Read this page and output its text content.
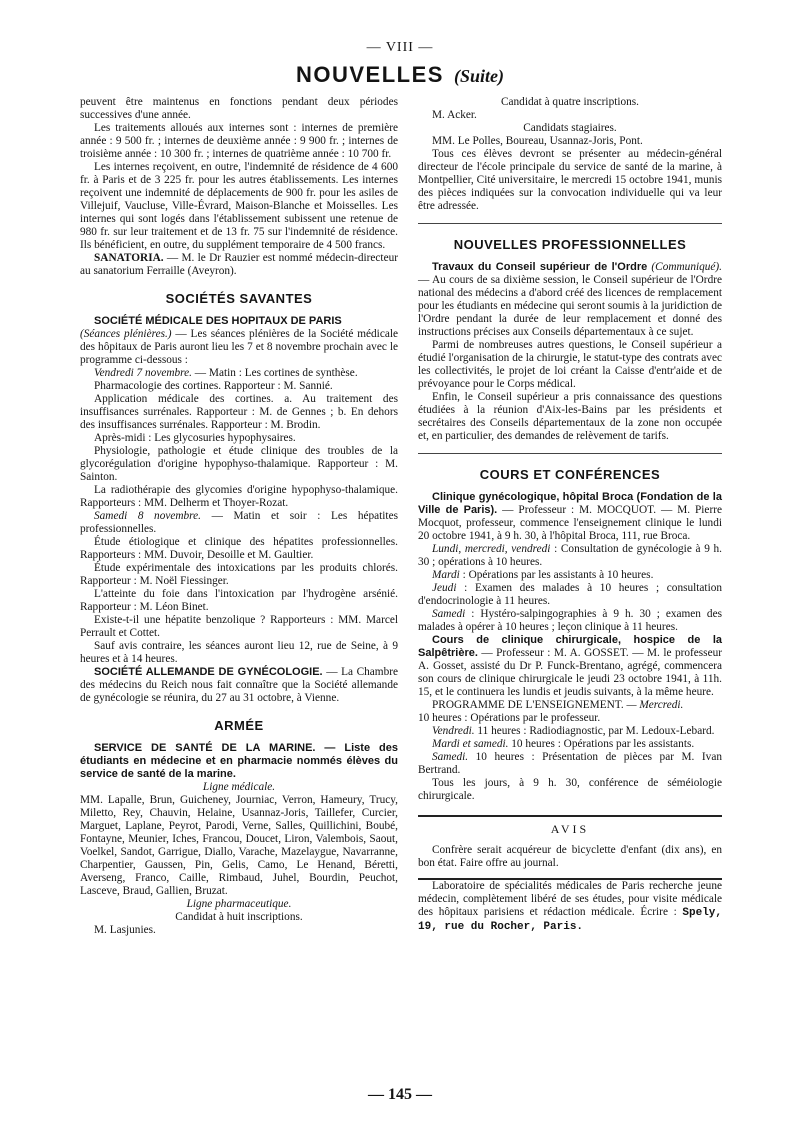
— VIII —
NOUVELLES (Suite)

peuvent être maintenus en fonctions pendant deux périodes successives d'une année.

Les traitements alloués aux internes sont : internes de première année : 9 500 fr. ; internes de deuxième année : 9 900 fr. ; internes de troisième année : 10 300 fr. ; internes de quatrième année : 10 700 fr.

Les internes reçoivent, en outre, l'indemnité de résidence de 4 600 fr. à Paris et de 3 225 fr. pour les autres établissements. Les internes reçoivent une indemnité de déplacements de 900 fr. pour les asiles de Villejuif, Vaucluse, Ville-Évrard, Maison-Blanche et Moisselles. Les internes qui sont logés dans l'établissement subissent une retenue de 980 fr. sur leur traitement et de 13 fr. 75 sur l'indemnité de résidence. Ils bénéficient, en outre, du supplément temporaire de 4 500 francs.

SANATORIA. — M. le Dr Rauzier est nommé médecin-directeur au sanatorium Ferraille (Aveyron).

SOCIÉTÉS SAVANTES

SOCIÉTÉ MÉDICALE DES HOPITAUX DE PARIS

(Séances plénières.) — Les séances plénières de la Société médicale des hôpitaux de Paris auront lieu les 7 et 8 novembre prochain avec le programme ci-dessous :

Vendredi 7 novembre. — Matin : Les cortines de synthèse.

Pharmacologie des cortines. Rapporteur : M. Sannié.

Application médicale des cortines. a. Au traitement des insuffisances surrénales. Rapporteur : M. de Gennes ; b. En dehors des insuffisances surrénales. Rapporteur : M. Brodin.

Après-midi : Les glycosuries hypophysaires.

Physiologie, pathologie et étude clinique des troubles de la glycorégulation d'origine hypophyso-thalamique. Rapporteur : M. Sainton.

La radiothérapie des glycomies d'origine hypophyso-thalamique. Rapporteurs : MM. Delherm et Thoyer-Rozat.

Samedi 8 novembre. — Matin et soir : Les hépatites professionnelles.

Étude étiologique et clinique des hépatites professionnelles. Rapporteurs : MM. Duvoir, Desoille et M. Gaultier.

Étude expérimentale des intoxications par les produits chlorés. Rapporteur : M. Noël Fiessinger.

L'atteinte du foie dans l'intoxication par l'hydrogène arsénié. Rapporteur : M. Léon Binet.

Existe-t-il une hépatite benzolique ? Rapporteurs : MM. Marcel Perrault et Cottet.

Sauf avis contraire, les séances auront lieu 12, rue de Seine, à 9 heures et à 14 heures.

SOCIÉTÉ ALLEMANDE DE GYNÉCOLOGIE. — La Chambre des médecins du Reich nous fait connaître que la Société allemande de gynécologie se réunira, du 27 au 31 octobre, à Vienne.

ARMÉE

SERVICE DE SANTÉ DE LA MARINE. — Liste des étudiants en médecine et en pharmacie nommés élèves du service de santé de la marine.

Ligne médicale.

MM. Lapalle, Brun, Guicheney, Journiac, Verron, Hameury, Trucy, Miletto, Rey, Chauvin, Helaine, Usannaz-Joris, Taillefer, Curcier, Marguet, Laplane, Peyrot, Parodi, Verne, Salles, Quillichini, Boubé, Fontayne, Meunier, Iches, Francou, Doucet, Liron, Valembois, Saout, Voelkel, Sandot, Garrigue, Diallo, Varache, Mazelaygue, Navarranne, Charpentier, Gaussen, Pin, Gelis, Camo, Le Henand, Béretti, Averseng, Franco, Caille, Rimbaud, Juhel, Bourdin, Peuchot, Lasceve, Braud, Gallien, Bruzat.

Ligne pharmaceutique.

Candidat à huit inscriptions.

M. Lasjunies.

Candidat à quatre inscriptions.

M. Acker.

Candidats stagiaires.

MM. Le Polles, Boureau, Usannaz-Joris, Pont.

Tous ces élèves devront se présenter au médecin-général directeur de l'école principale du service de santé de la marine, à Montpellier, Cité universitaire, le mercredi 15 octobre 1941, munis des pièces indiquées sur la convocation individuelle qui va leur être adressée.

NOUVELLES PROFESSIONNELLES

Travaux du Conseil supérieur de l'Ordre (Communiqué). — Au cours de sa dixième session, le Conseil supérieur de l'Ordre national des médecins a d'abord créé des licences de remplacement pour les étudiants en médecine qui seront soumis à la juridiction de l'Ordre pendant la durée de leur remplacement et donné des instructions précises aux Conseils départementaux à ce sujet.

Parmi de nombreuses autres questions, le Conseil supérieur a étudié l'organisation de la chirurgie, le statut-type des contrats avec les collectivités, le projet de loi créant la Caisse d'entr'aide et de prévoyance pour le Corps médical.

Enfin, le Conseil supérieur a pris connaissance des questions étudiées à la réunion d'Aix-les-Bains par les présidents et secrétaires des Conseils départementaux de la zone non occupée et, en particulier, des demandes de relèvement de tarifs.

COURS ET CONFÉRENCES

Clinique gynécologique, hôpital Broca (Fondation de la Ville de Paris). — Professeur : M. MOCQUOT. — M. Pierre Mocquot, professeur, commence l'enseignement clinique le lundi 20 octobre 1941, à 9 h. 30, à l'hôpital Broca, 111, rue Broca.

Lundi, mercredi, vendredi : Consultation de gynécologie à 9 h. 30 ; opérations à 10 heures.

Mardi : Opérations par les assistants à 10 heures.

Jeudi : Examen des malades à 10 heures ; consultation d'endocrinologie à 11 heures.

Samedi : Hystéro-salpingographies à 9 h. 30 ; examen des malades à opérer à 10 heures ; leçon clinique à 11 heures.

Cours de clinique chirurgicale, hospice de la Salpêtrière. — Professeur : M. A. GOSSET. — M. le professeur A. Gosset, assisté du Dr P. Funck-Brentano, agrégé, commencera son cours de clinique chirurgicale le jeudi 23 octobre 1941, à 11h. 15, et le continuera les lundis et jeudis suivants, à la même heure.

PROGRAMME DE L'ENSEIGNEMENT. — Mercredi.

10 heures : Opérations par le professeur.

Vendredi. 11 heures : Radiodiagnostic, par M. Ledoux-Lebard.

Mardi et samedi. 10 heures : Opérations par les assistants.

Samedi. 10 heures : Présentation de pièces par M. Ivan Bertrand.

Tous les jours, à 9 h. 30, conférence de séméiologie chirurgicale.

AVIS

Confrère serait acquéreur de bicyclette d'enfant (dix ans), en bon état. Faire offre au journal.

Laboratoire de spécialités médicales de Paris recherche jeune médecin, complètement libéré de ses études, pour visite médicale des hôpitaux parisiens et rédaction médicale. Écrire : Spely, 19, rue du Rocher, Paris.

— 145 —
